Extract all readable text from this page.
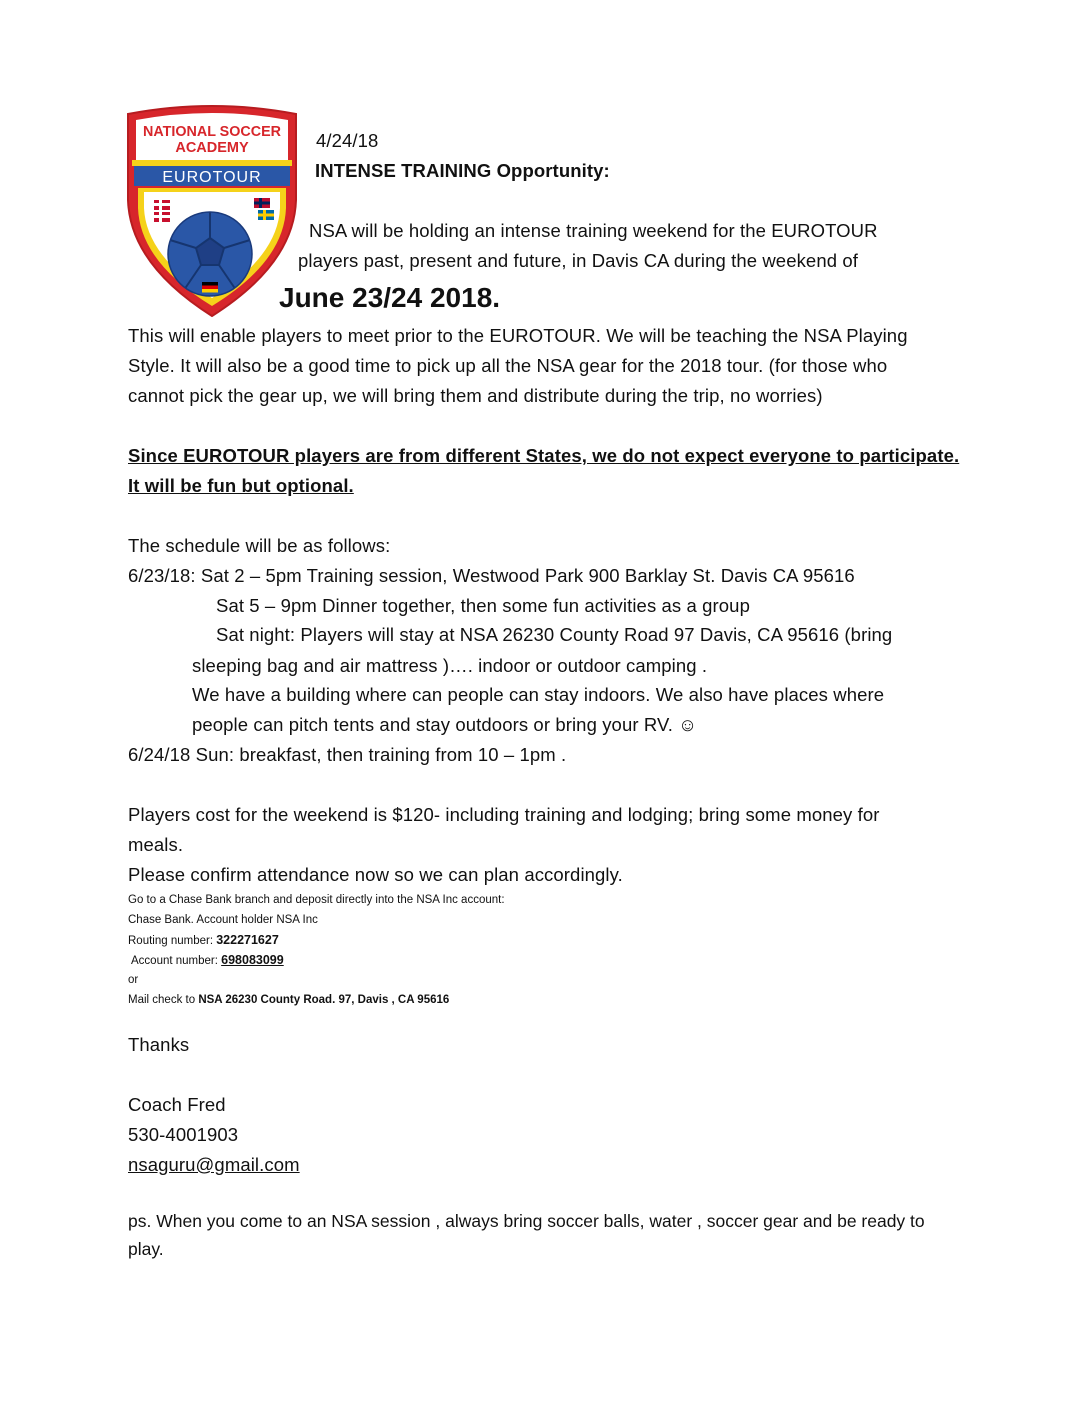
NATIONAL SOCCER
ACADEMY
EUROTOUR
4/24/18
INTENSE TRAINING Opportunity:
NSA will be holding an intense training weekend for the EUROTOUR
players past, present and future, in Davis CA during the weekend of
June 23/24 2018.
This will enable players to meet prior to the EUROTOUR. We will be teaching the NSA Playing
Style. It will also be a good time to pick up all the NSA gear for the 2018 tour. (for those who
cannot pick the gear up, we will bring them and distribute during the trip, no worries)
Since EUROTOUR players are from different States, we do not expect everyone to participate.
It will be fun but optional.
The schedule will be as follows:
6/23/18: Sat 2 – 5pm Training session, Westwood Park 900 Barklay St. Davis CA 95616
Sat 5 – 9pm Dinner together, then some fun activities as a group
Sat night: Players will stay at NSA 26230 County Road 97 Davis, CA 95616 (bring
sleeping bag and air mattress )…. indoor or outdoor camping .
We have a building where can people can stay indoors. We also have places where
people can pitch tents and stay outdoors or bring your RV. ☺
6/24/18 Sun: breakfast, then training from 10 – 1pm .
Players cost for the weekend is $120- including training and lodging; bring some money for
meals.
Please confirm attendance now so we can plan accordingly.
Go to a Chase Bank branch and deposit directly into the NSA Inc account:
Chase Bank. Account holder NSA Inc
Routing number: 322271627
Account number: 698083099
or
Mail check to NSA 26230 County Road. 97, Davis , CA 95616
Thanks
Coach Fred
530-4001903
nsaguru@gmail.com
ps. When you come to an NSA session , always bring soccer balls, water , soccer gear and be ready to
play.
